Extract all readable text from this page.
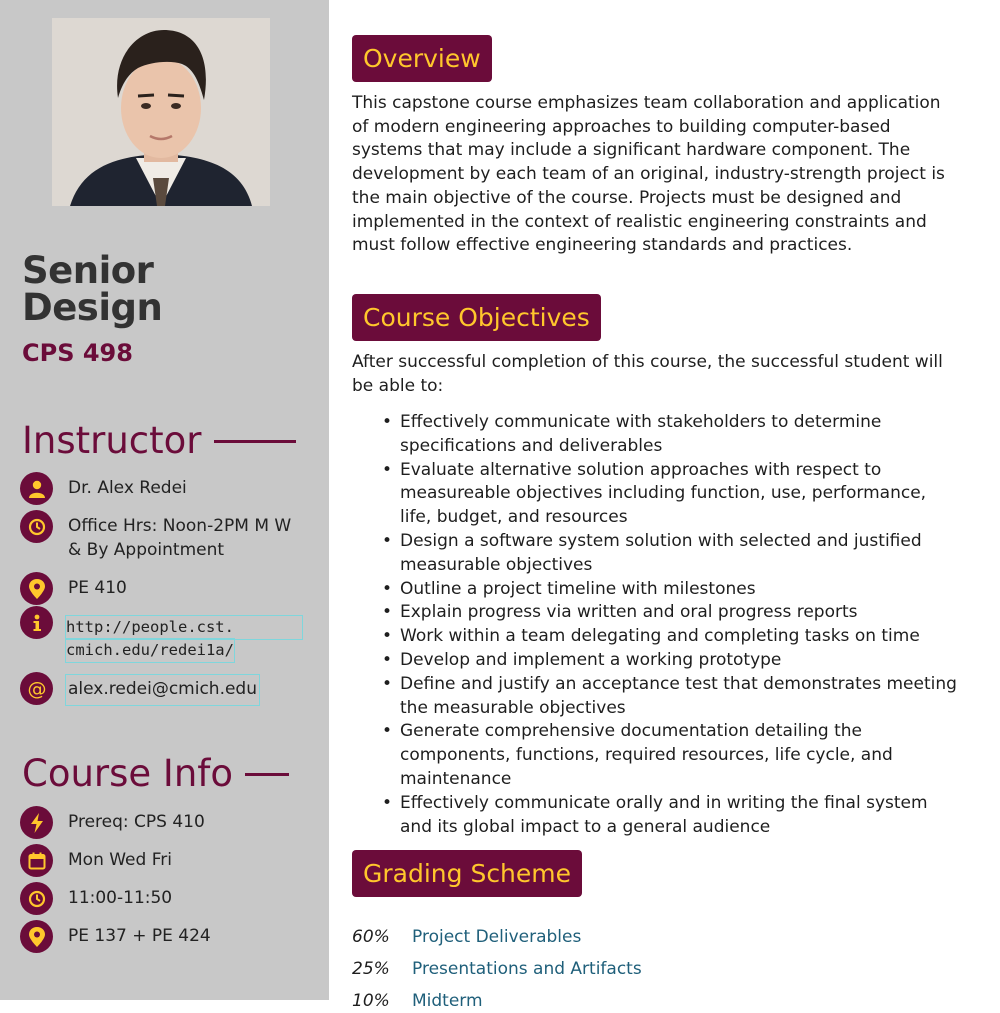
Senior
Design
CPS 498
Instructor
Dr. Alex Redei
Office Hrs: Noon-2PM M W & By Appointment
PE 410
http://people.cst.
cmich.edu/redei1a/
@ alex.redei@cmich.edu
Course Info
Prereq: CPS 410
Mon Wed Fri
11:00-11:50
PE 137 + PE 424
Overview
This capstone course emphasizes team collaboration and application of modern engineering approaches to building computer-based systems that may include a significant hardware component. The development by each team of an original, industry-strength project is the main objective of the course. Projects must be designed and implemented in the context of realistic engineering constraints and must follow effective engineering standards and practices.
Course Objectives
After successful completion of this course, the successful student will be able to:
• Effectively communicate with stakeholders to determine specifications and deliverables
• Evaluate alternative solution approaches with respect to measureable objectives including function, use, performance, life, budget, and resources
• Design a software system solution with selected and justified measurable objectives
• Outline a project timeline with milestones
• Explain progress via written and oral progress reports
• Work within a team delegating and completing tasks on time
• Develop and implement a working prototype
• Define and justify an acceptance test that demonstrates meeting the measurable objectives
• Generate comprehensive documentation detailing the components, functions, required resources, life cycle, and maintenance
• Effectively communicate orally and in writing the final system and its global impact to a general audience
Grading Scheme
60%	Project Deliverables
25%	Presentations and Artifacts
10%	Midterm
